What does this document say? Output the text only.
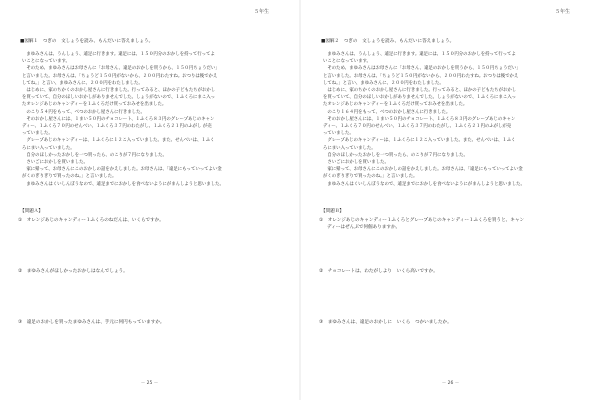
５年生
■図解１　つぎの　文しょうを読み、もんだいに答えましょう。

まゆみさんは、うんしょう、遠足に行きます。遠足には、１５０円分のおかしを持って行ってよ

いことになっています。

そのため、まゆみさんはお母さんに「お母さん、遠足のおかしを買うから、１５０円ちょうだい」

と言いました。お母さんは、「ちょうど１５０円がないから、２００円わたすね。おつりは後でかえ

してね。」と言い、まゆみさんに、２００円をわたしました。

はじめに、家のちかくのおかし屋さんに行きました。行ってみると、ほかの子どもたちがおかし

を買っていて、自分のほしいおかしがありませんでした。しょうがないので、１ふくろにまこ入っ

たオレンジあじのキャンディーを１ふくろだけ買っておみせを出ました。

のこり５４円をもって、べつのおかし屋さんに行きました。

そのおかし屋さんには、１まい５０円のチョコレート、１ふくろ８３円のグレープあじのキャン

ディー、１ふくろ７０円のせんべい、１ふくろ３７円のわたがし、１ふくろ２１円のふがし が売

っていました。

グレープあじのキャンディーは、１ふくろに１２こ入っていました。また、せんべいは、１ふく

ろにまい入っていました。

自分のほしかったおかしを一つ買ったら、のこりが７円になりました。

さいごにおかしを買いました。

家に帰って、お母さんにこのおかしの話をかえしました。お母さんは、「遠足にもっていってよい金

がくのぎりぎりで買ったのね。」と言いました。

まゆみさんはくいしんぼうなので、遠足までにおかしを食べないようにがまんしようと思いました。

【問題Ａ】
①　オレンジあじのキャンディー１ふくろのねだんは、いくらですか。
②　まゆみさんがほしかったおかしはなんでしょう。
③　遠足のおかしを買ったまゆみさんは、手元に何円もっていますか。
－ 25 －
５年生
■図解２　つぎの　文しょうを読み、もんだいに答えましょう。

まゆみさんは、うんしょう、遠足に行きます。遠足には、１５０円分のおかしを持って行ってよ

いことになっています。

そのため、まゆみさんはお母さんに「お母さん、遠足のおかしを買うから、１５０円ちょうだい」

と言いました。お母さんは、「ちょうど１５０円がないから、２００円わたすね。おつりは後でかえ

してね。」と言い、まゆみさんに、２００円をわたしました。

はじめに、家のちかくのおかし屋さんに行きました。行ってみると、ほかの子どもたちがおかし

を買っていて、自分のほしいおかしがありませんでした。しょうがないので、１ふくろにまこ入っ

たオレンジあじのキャンディーを１ふくろだけ買っておみせを出ました。

のこり１６４円をもって、べつのおかし屋さんに行きました。

そのおかし屋さんには、１まい５０円のチョコレート、１ふくろ８３円のグレープあじのキャン

ディー、１ふくろ７０円のせんべい、１ふくろ３７円のわたがし、１ふくろ２１円のふがしが売

っていました。

グレープあじのキャンディーは、１ふくろに１２こ入っていました。また、せんべいは、１ふく

ろにまい入っていました。

自分のほしかったおかしを一つ買ったら、のこりが７円になりました。

さいごにおかしを買いました。

家に帰って、お母さんにこのおかしの話をかえしました。お母さんは、「遠足にもっていってよい金

がくのぎりぎりで買ったのね。」と言いました。

まゆみさんはくいしんぼうなので、遠足までにおかしを食べないようにがまんしようと思いました。

【問題Ｂ】
①　オレンジあじのキャンディー１ふくろとグレープあじのキャンディー１ふくろを買うと、キャン
ディーはぜんぶで何個ありますか。
②　チョコレートは、わたがしより　いくら高いですか。
③　まゆみさんは、遠足のおかしに　いくら　つかいましたか。
－ 26 －
